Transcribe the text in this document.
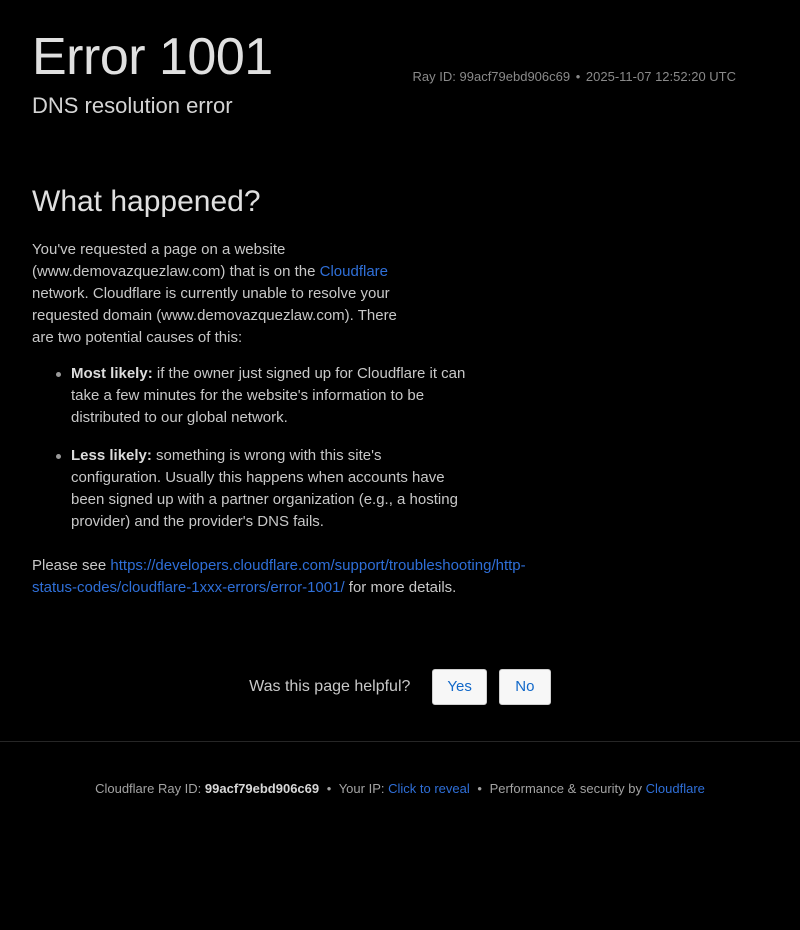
Error 1001
DNS resolution error
Ray ID: 99acf79ebd906c69 • 2025-11-07 12:52:20 UTC
What happened?

You've requested a page on a website (www.demovazquezlaw.com) that is on the Cloudflare network. Cloudflare is currently unable to resolve your requested domain (www.demovazquezlaw.com). There are two potential causes of this:

Most likely: if the owner just signed up for Cloudflare it can take a few minutes for the website's information to be distributed to our global network.
Less likely: something is wrong with this site's configuration. Usually this happens when accounts have been signed up with a partner organization (e.g., a hosting provider) and the provider's DNS fails.

Please see https://developers.cloudflare.com/support/troubleshooting/http-status-codes/cloudflare-1xxx-errors/error-1001/ for more details.

Was this page helpful?	Yes	No
Cloudflare Ray ID: 99acf79ebd906c69 • Your IP: Click to reveal • Performance & security by Cloudflare
